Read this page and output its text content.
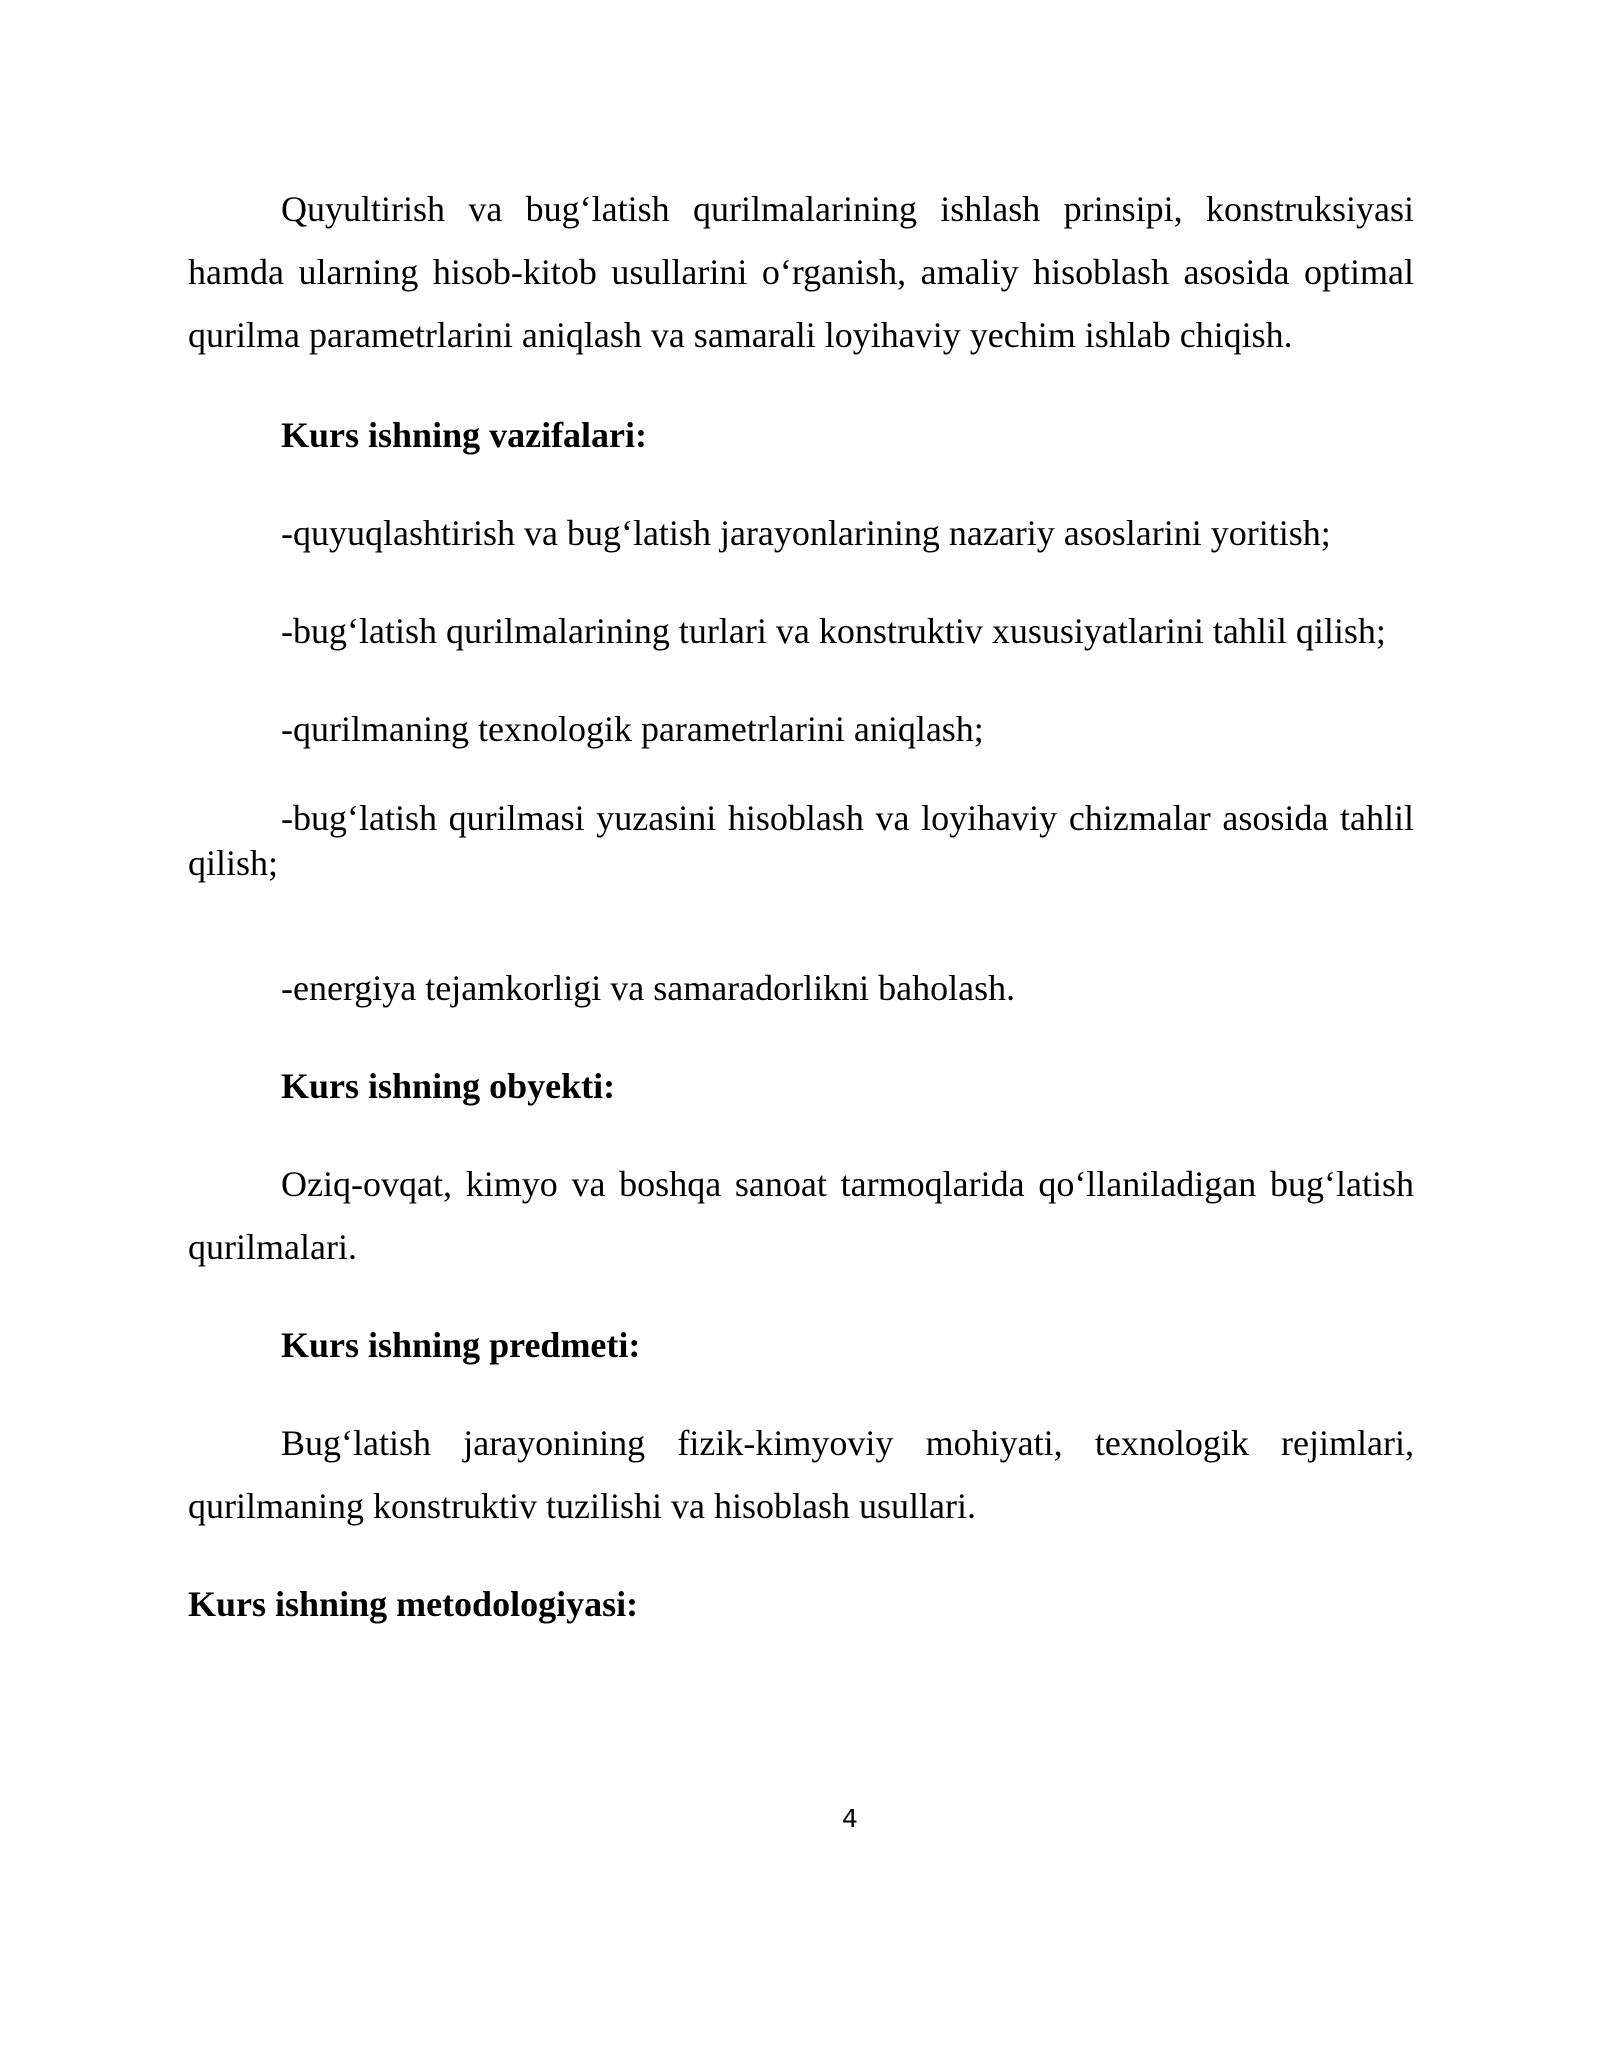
Quyultirish va bug‘latish qurilmalarining ishlash prinsipi, konstruksiyasi hamda ularning hisob-kitob usullarini o‘rganish, amaliy hisoblash asosida optimal qurilma parametrlarini aniqlash va samarali loyihaviy yechim ishlab chiqish.

Kurs ishning vazifalari:

-quyuqlashtirish va bug‘latish jarayonlarining nazariy asoslarini yoritish;

-bug‘latish qurilmalarining turlari va konstruktiv xususiyatlarini tahlil qilish;

-qurilmaning texnologik parametrlarini aniqlash;

-bug‘latish qurilmasi yuzasini hisoblash va loyihaviy chizmalar asosida tahlil qilish;

-energiya tejamkorligi va samaradorlikni baholash.

Kurs ishning obyekti:

Oziq-ovqat, kimyo va boshqa sanoat tarmoqlarida qo‘llaniladigan bug‘latish qurilmalari.

Kurs ishning predmeti:

Bug‘latish jarayonining fizik-kimyoviy mohiyati, texnologik rejimlari, qurilmaning konstruktiv tuzilishi va hisoblash usullari.

Kurs ishning metodologiyasi:

4
